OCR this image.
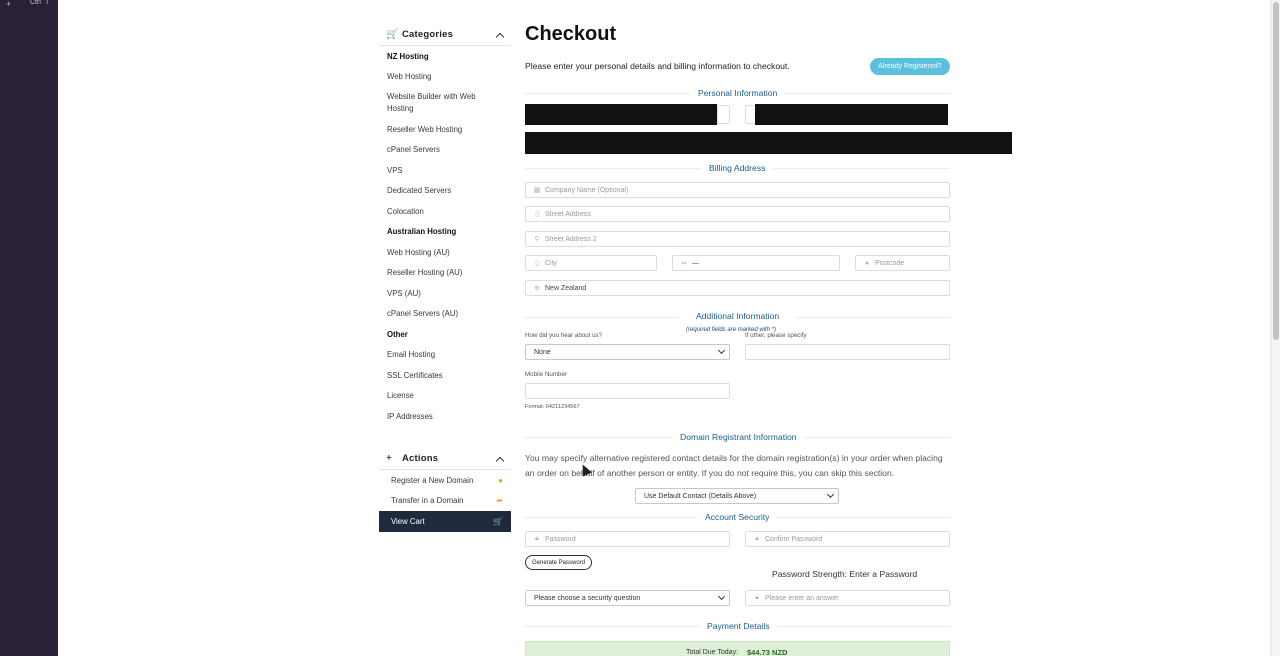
+	Ctrl T
🛒 Categories
NZ Hosting
Web Hosting
Website Builder with Web Hosting
Reseller Web Hosting
cPanel Servers
VPS
Dedicated Servers
Colocation
Australian Hosting
Web Hosting (AU)
Reseller Hosting (AU)
VPS (AU)
cPanel Servers (AU)
Other
Email Hosting
SSL Certificates
License
IP Addresses
+	Actions
Register a New Domain	●
Transfer in a Domain	➦
View Cart	🛒
Checkout
Please enter your personal details and billing information to checkout.	Already Registered?
Personal Information
Billing Address
▦ Company Name (Optional)
▯ Street Address
⚲ Street Address 2
▯ City	⇌ —	● Postcode
⊕ New Zealand
Additional Information
(required fields are marked with *)
How did you hear about us?	If other, please specify
None
Mobile Number
Format: 64211234567
Domain Registrant Information
You may specify alternative registered contact details for the domain registration(s) in your order when placing an order on behalf of another person or entity. If you do not require this, you can skip this section.
Use Default Contact (Details Above)
Account Security
🔒︎ Password	🔒︎ Confirm Password
Generate Password
Password Strength: Enter a Password
Please choose a security question	🔒︎ Please enter an answer
Payment Details
Total Due Today: $44.73 NZD
